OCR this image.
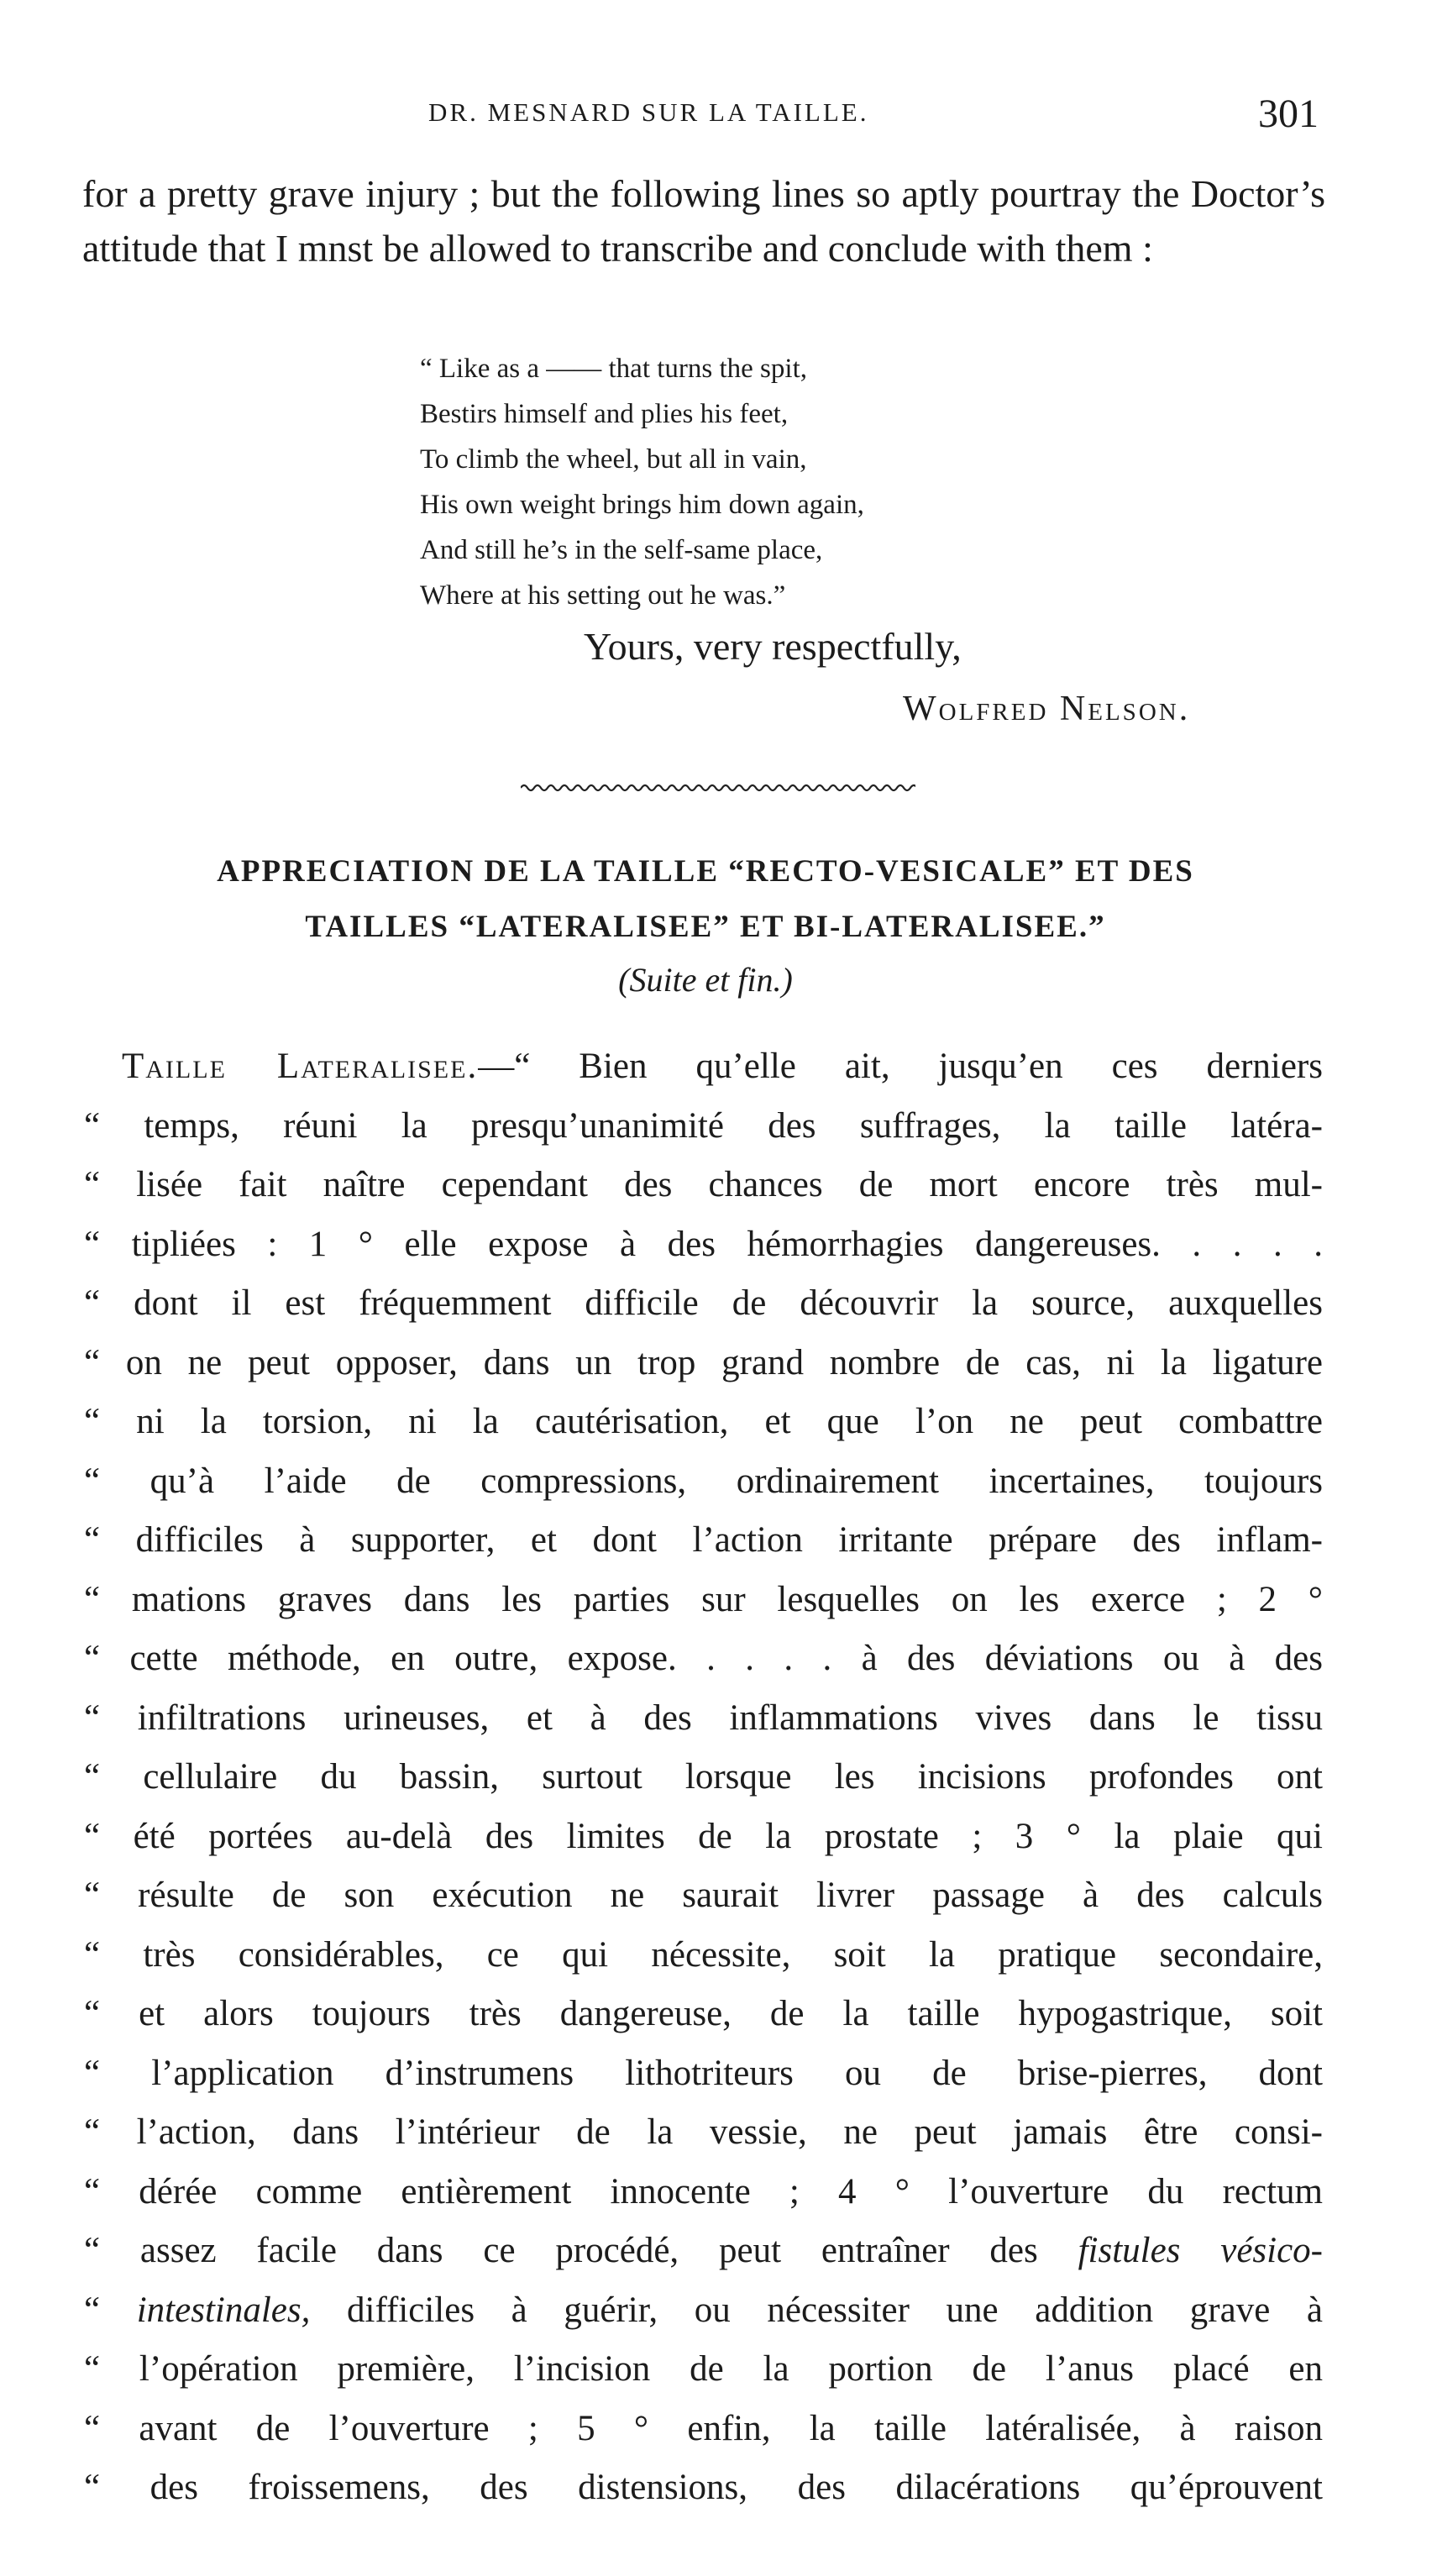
DR. MESNARD SUR LA TAILLE.	301

for a pretty grave injury ; but the following lines so aptly pourtray the Doctor’s attitude that I mnst be allowed to transcribe and conclude with them :

“ Like as a —— that turns the spit,
Bestirs himself and plies his feet,
To climb the wheel, but all in vain,
His own weight brings him down again,
And still he’s in the self-same place,
Where at his setting out he was.”
Yours, very respectfully,
Wolfred Nelson.
APPRECIATION DE LA TAILLE “RECTO-VESICALE” ET DES
TAILLES “LATERALISEE” ET BI-LATERALISEE.”
(Suite et fin.)
Taille Lateralisee.—“ Bien qu’elle ait, jusqu’en ces derniers
“ temps, réuni la presqu’unanimité des suffrages, la taille latéra-
“ lisée fait naître cependant des chances de mort encore très mul-
“ tipliées : 1 ° elle expose à des hémorrhagies dangereuses. . . . .
“ dont il est fréquemment difficile de découvrir la source, auxquelles
“ on ne peut opposer, dans un trop grand nombre de cas, ni la ligature
“ ni la torsion, ni la cautérisation, et que l’on ne peut combattre
“ qu’à l’aide de compressions, ordinairement incertaines, toujours
“ difficiles à supporter, et dont l’action irritante prépare des inflam-
“ mations graves dans les parties sur lesquelles on les exerce ; 2 °
“ cette méthode, en outre, expose. . . . . à des déviations ou à des
“ infiltrations urineuses, et à des inflammations vives dans le tissu
“ cellulaire du bassin, surtout lorsque les incisions profondes ont
“ été portées au-delà des limites de la prostate ; 3 ° la plaie qui
“ résulte de son exécution ne saurait livrer passage à des calculs
“ très considérables, ce qui nécessite, soit la pratique secondaire,
“ et alors toujours très dangereuse, de la taille hypogastrique, soit
“ l’application d’instrumens lithotriteurs ou de brise-pierres, dont
“ l’action, dans l’intérieur de la vessie, ne peut jamais être consi-
“ dérée comme entièrement innocente ; 4 ° l’ouverture du rectum
“ assez facile dans ce procédé, peut entraîner des fistules vésico-
“ intestinales, difficiles à guérir, ou nécessiter une addition grave à
“ l’opération première, l’incision de la portion de l’anus placé en
“ avant de l’ouverture ; 5 ° enfin, la taille latéralisée, à raison
“ des froissemens, des distensions, des dilacérations qu’éprouvent
